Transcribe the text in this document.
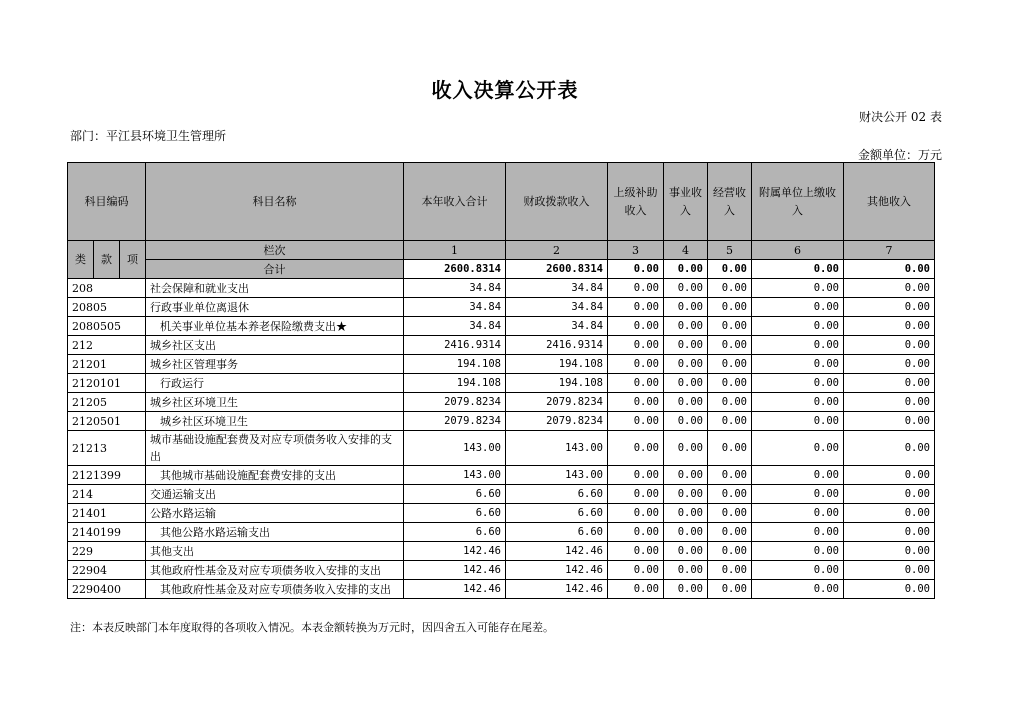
收入决算公开表
财决公开 02 表
部门：平江县环境卫生管理所
金额单位：万元
科目编码			科目名称	本年收入合计	财政拨款收入	上级补助收入	事业收入	经营收入	附属单位上缴收入	其他收入
类	款	项	栏次	1	2	3	4	5	6	7
			合计	2600.8314	2600.8314	0.00	0.00	0.00	0.00	0.00
208			社会保障和就业支出	34.84	34.84	0.00	0.00	0.00	0.00	0.00
20805			行政事业单位离退休	34.84	34.84	0.00	0.00	0.00	0.00	0.00
2080505			机关事业单位基本养老保险缴费支出★	34.84	34.84	0.00	0.00	0.00	0.00	0.00
212			城乡社区支出	2416.9314	2416.9314	0.00	0.00	0.00	0.00	0.00
21201			城乡社区管理事务	194.108	194.108	0.00	0.00	0.00	0.00	0.00
2120101			行政运行	194.108	194.108	0.00	0.00	0.00	0.00	0.00
21205			城乡社区环境卫生	2079.8234	2079.8234	0.00	0.00	0.00	0.00	0.00
2120501			城乡社区环境卫生	2079.8234	2079.8234	0.00	0.00	0.00	0.00	0.00
21213			城市基础设施配套费及对应专项债务收入安排的支出	143.00	143.00	0.00	0.00	0.00	0.00	0.00
2121399			其他城市基础设施配套费安排的支出	143.00	143.00	0.00	0.00	0.00	0.00	0.00
214			交通运输支出	6.60	6.60	0.00	0.00	0.00	0.00	0.00
21401			公路水路运输	6.60	6.60	0.00	0.00	0.00	0.00	0.00
2140199			其他公路水路运输支出	6.60	6.60	0.00	0.00	0.00	0.00	0.00
229			其他支出	142.46	142.46	0.00	0.00	0.00	0.00	0.00
22904			其他政府性基金及对应专项债务收入安排的支出	142.46	142.46	0.00	0.00	0.00	0.00	0.00
2290400			其他政府性基金及对应专项债务收入安排的支出	142.46	142.46	0.00	0.00	0.00	0.00	0.00
注：本表反映部门本年度取得的各项收入情况。本表金额转换为万元时，因四舍五入可能存在尾差。
